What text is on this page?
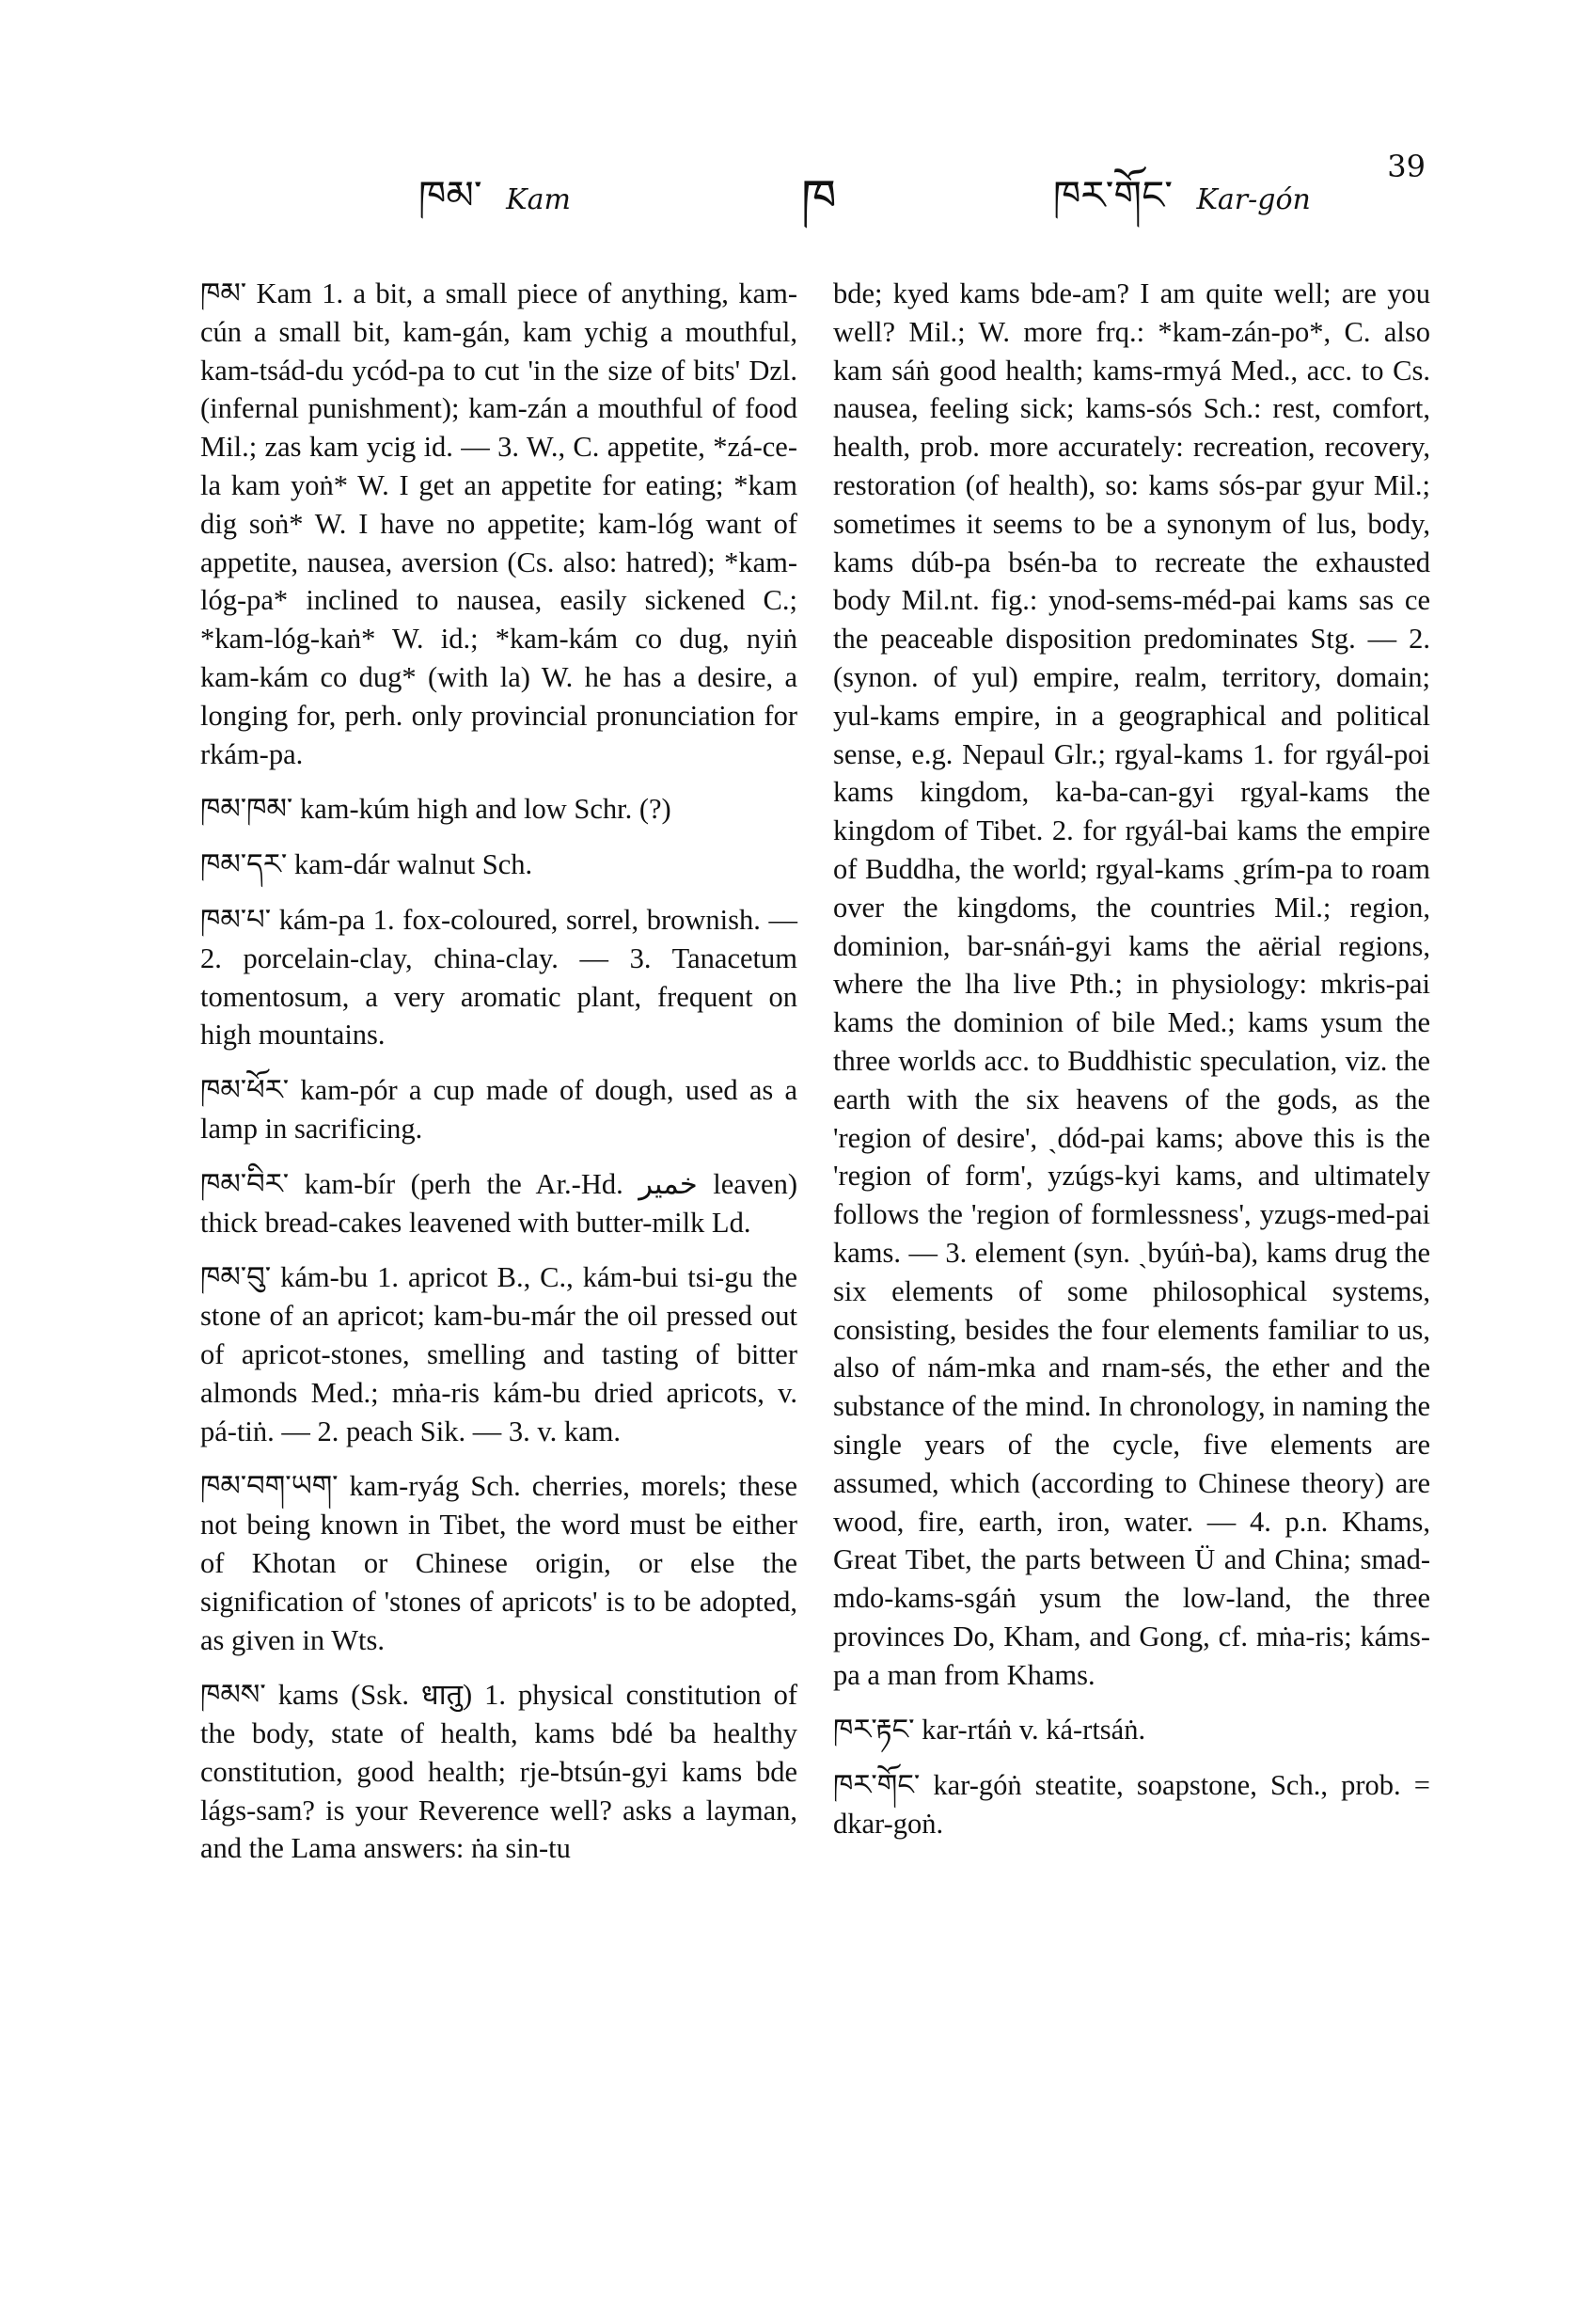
ཁམ་ Kam	ཁ	ཁར་གོང་ Kar-gón
39

ཁམ་ Kam 1. a bit, a small piece of anything, kam-cún a small bit, kam-gán, kam ychig a mouthful, kam-tsád-du ycód-pa to cut 'in the size of bits' Dzl. (infernal punishment); kam-zán a mouthful of food Mil.; zas kam ycig id. — 3. W., C. appetite, *zá-ce-la kam yoṅ* W. I get an appetite for eating; *kam dig soṅ* W. I have no appetite; kam-lóg want of appetite, nausea, aversion (Cs. also: hatred); *kam-lóg-pa* inclined to nausea, easily sickened C.; *kam-lóg-kaṅ* W. id.; *kam-kám co dug, nyiṅ kam-kám co dug* (with la) W. he has a desire, a longing for, perh. only provincial pronunciation for rkám-pa.

ཁམ་ཁམ་ kam-kúm high and low Schr. (?)

ཁམ་དར་ kam-dár walnut Sch.

ཁམ་པ་ kám-pa 1. fox-coloured, sorrel, brownish. — 2. porcelain-clay, china-clay. — 3. Tanacetum tomentosum, a very aromatic plant, frequent on high mountains.

ཁམ་ཕོར་ kam-pór a cup made of dough, used as a lamp in sacrificing.

ཁམ་བིར་ kam-bír (perh the Ar.-Hd. ﺧﻤﻴﺮ leaven) thick bread-cakes leavened with butter-milk Ld.

ཁམ་བུ་ kám-bu 1. apricot B., C., kám-bui tsi-gu the stone of an apricot; kam-bu-már the oil pressed out of apricot-stones, smelling and tasting of bitter almonds Med.; mṅa-ris kám-bu dried apricots, v. pá-tiṅ. — 2. peach Sik. — 3. v. kam.

ཁམ་བག་ཡག་ kam-ryág Sch. cherries, morels; these not being known in Tibet, the word must be either of Khotan or Chinese origin, or else the signification of 'stones of apricots' is to be adopted, as given in Wts.

ཁམས་ kams (Ssk. धातु) 1. physical constitution of the body, state of health, kams bdé ba healthy constitution, good health; rje-btsún-gyi kams bde lágs-sam? is your Reverence well? asks a layman, and the Lama answers: ṅa sin-tu

bde; kyed kams bde-am? I am quite well; are you well? Mil.; W. more frq.: *kam-zán-po*, C. also kam sáṅ good health; kams-rmyá Med., acc. to Cs. nausea, feeling sick; kams-sós Sch.: rest, comfort, health, prob. more accurately: recreation, recovery, restoration (of health), so: kams sós-par gyur Mil.; sometimes it seems to be a synonym of lus, body, kams dúb-pa bsén-ba to recreate the exhausted body Mil.nt. fig.: ynod-sems-méd-pai kams sas ce the peaceable disposition predominates Stg. — 2. (synon. of yul) empire, realm, territory, domain; yul-kams empire, in a geographical and political sense, e.g. Nepaul Glr.; rgyal-kams 1. for rgyál-poi kams kingdom, ka-ba-can-gyi rgyal-kams the kingdom of Tibet. 2. for rgyál-bai kams the empire of Buddha, the world; rgyal-kams ˏgrím-pa to roam over the kingdoms, the countries Mil.; region, dominion, bar-snáṅ-gyi kams the aërial regions, where the lha live Pth.; in physiology: mkris-pai kams the dominion of bile Med.; kams ysum the three worlds acc. to Buddhistic speculation, viz. the earth with the six heavens of the gods, as the 'region of desire', ˏdód-pai kams; above this is the 'region of form', yzúgs-kyi kams, and ultimately follows the 'region of formlessness', yzugs-med-pai kams. — 3. element (syn. ˏbyúṅ-ba), kams drug the six elements of some philosophical systems, consisting, besides the four elements familiar to us, also of nám-mka and rnam-sés, the ether and the substance of the mind. In chronology, in naming the single years of the cycle, five elements are assumed, which (according to Chinese theory) are wood, fire, earth, iron, water. — 4. p.n. Khams, Great Tibet, the parts between Ü and China; smad-mdo-kams-sgáṅ ysum the low-land, the three provinces Do, Kham, and Gong, cf. mṅa-ris; káms-pa a man from Khams.

ཁར་རྟང་ kar-rtáṅ v. ká-rtsáṅ.

ཁར་གོང་ kar-góṅ steatite, soapstone, Sch., prob. = dkar-goṅ.
